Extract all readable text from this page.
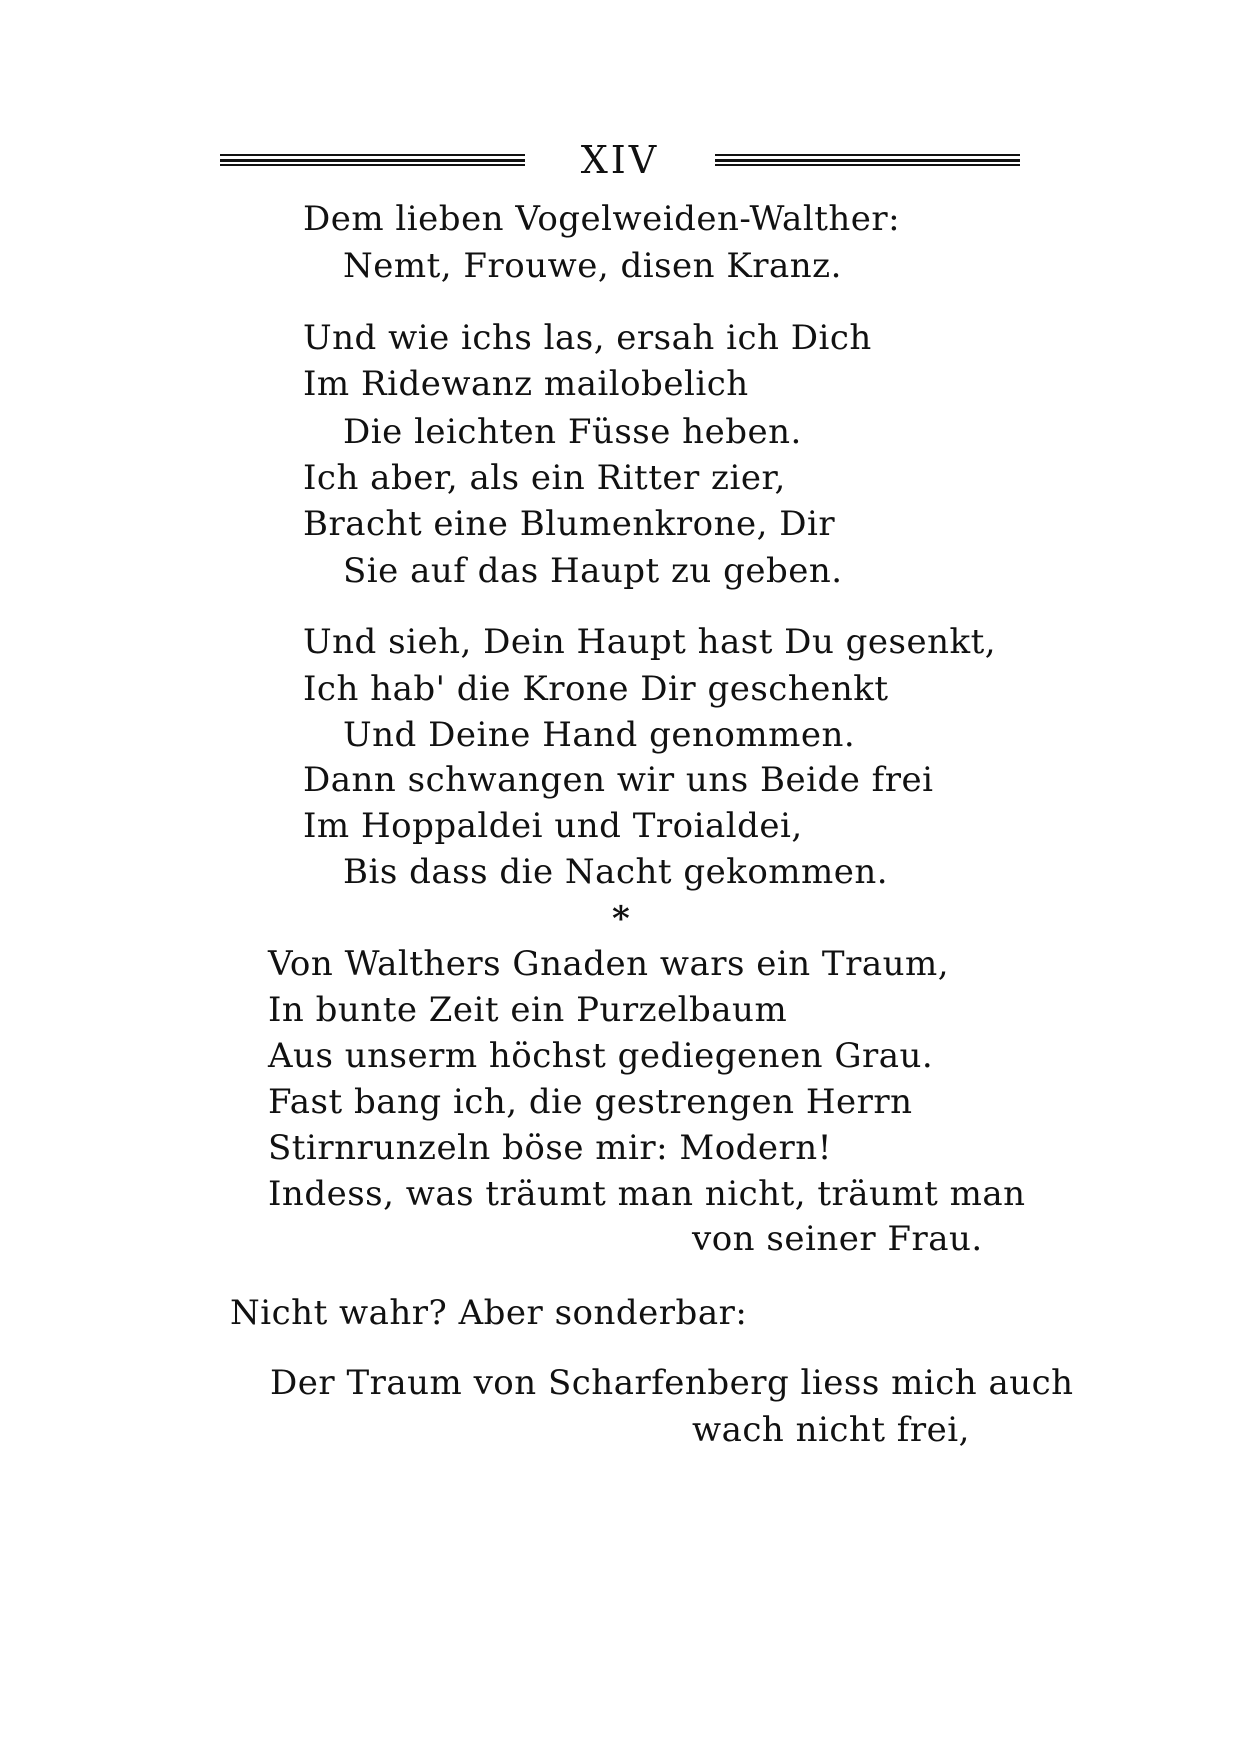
XIV
Dem lieben Vogelweiden-Walther:
Nemt, Frouwe, disen Kranz.
Und wie ichs las, ersah ich Dich
Im Ridewanz mailobelich
Die leichten Füsse heben.
Ich aber, als ein Ritter zier,
Bracht eine Blumenkrone, Dir
Sie auf das Haupt zu geben.
Und sieh, Dein Haupt hast Du gesenkt,
Ich hab' die Krone Dir geschenkt
Und Deine Hand genommen.
Dann schwangen wir uns Beide frei
Im Hoppaldei und Troialdei,
Bis dass die Nacht gekommen.
*
Von Walthers Gnaden wars ein Traum,
In bunte Zeit ein Purzelbaum
Aus unserm höchst gediegenen Grau.
Fast bang ich, die gestrengen Herrn
Stirnrunzeln böse mir: Modern!
Indess, was träumt man nicht, träumt man
von seiner Frau.
Nicht wahr? Aber sonderbar:
Der Traum von Scharfenberg liess mich auch
wach nicht frei,
